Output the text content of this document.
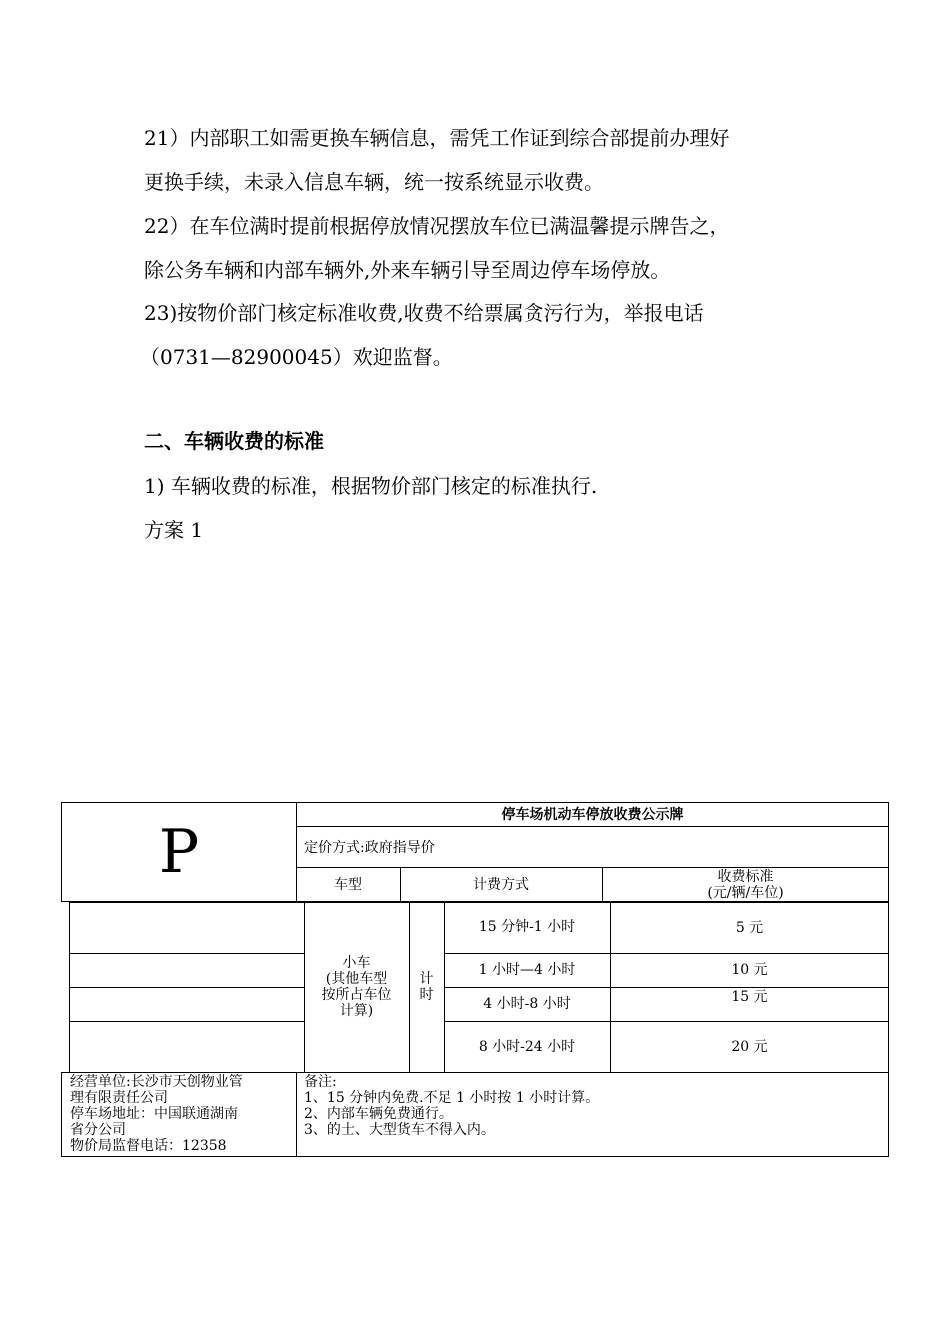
21）内部职工如需更换车辆信息，需凭工作证到综合部提前办理好
更换手续，未录入信息车辆，统一按系统显示收费。
22）在车位满时提前根据停放情况摆放车位已满温馨提示牌告之，
除公务车辆和内部车辆外,外来车辆引导至周边停车场停放。
23)按物价部门核定标准收费,收费不给票属贪污行为，举报电话
（0731—82900045）欢迎监督。
二、车辆收费的标准
1) 车辆收费的标准，根据物价部门核定的标准执行.
方案 1
P
停车场机动车停放收费公示牌
定价方式:政府指导价
车型	计费方式	收费标准
(元/辆/车位)
小车
(其他车型
按所占车位
计算)
计
时
15 分钟-1 小时	5 元
1 小时—4 小时	10 元
4 小时-8 小时	15 元
8 小时-24 小时	20 元
经营单位:长沙市天创物业管
理有限责任公司
停车场地址：中国联通湖南
省分公司
物价局监督电话：12358
备注:
1、15 分钟内免费.不足 1 小时按 1 小时计算。
2、内部车辆免费通行。
3、的士、大型货车不得入内。
